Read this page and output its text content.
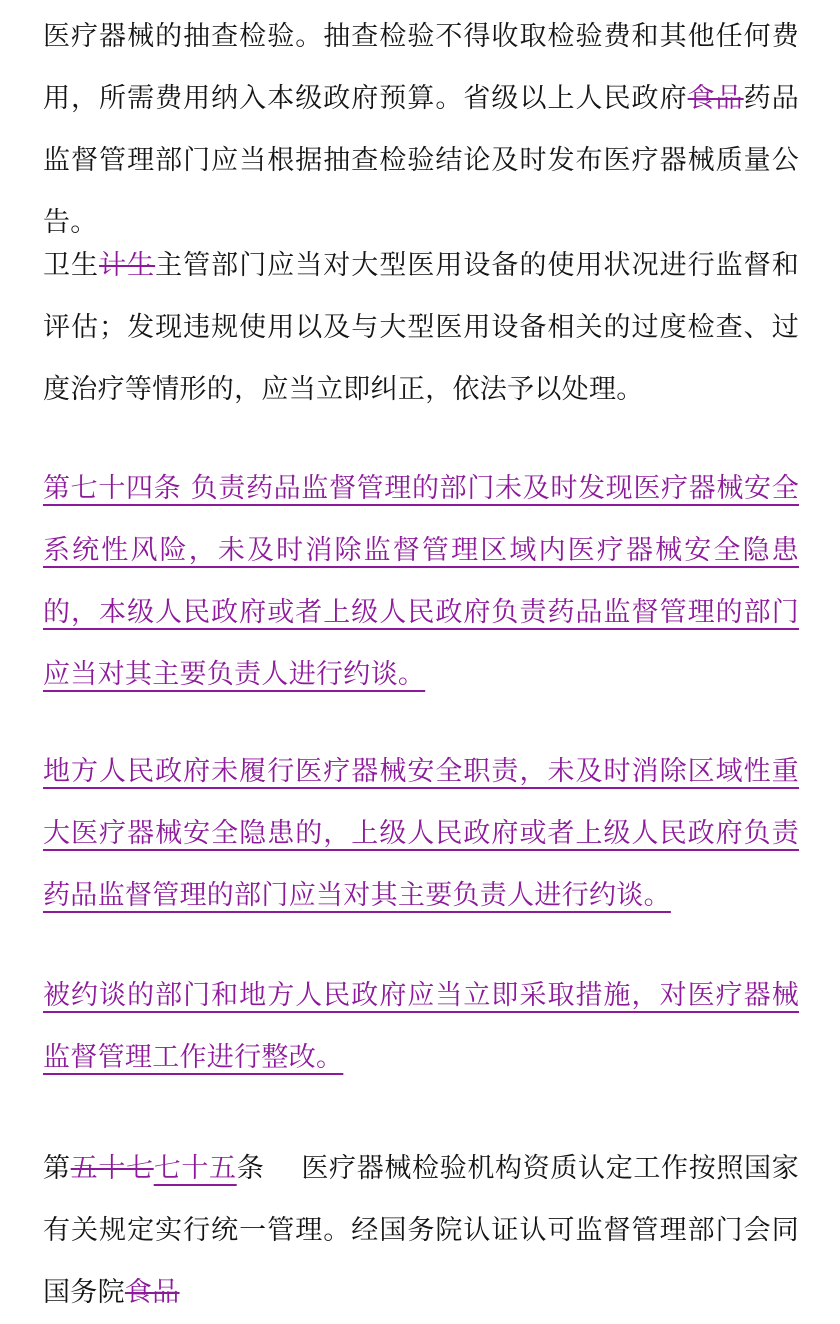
医疗器械的抽查检验。抽查检验不得收取检验费和其他任何费用，所需费用纳入本级政府预算。省级以上人民政府食品药品监督管理部门应当根据抽查检验结论及时发布医疗器械质量公告。

卫生计生主管部门应当对大型医用设备的使用状况进行监督和评估；发现违规使用以及与大型医用设备相关的过度检查、过度治疗等情形的，应当立即纠正，依法予以处理。

第七十四条 负责药品监督管理的部门未及时发现医疗器械安全系统性风险，未及时消除监督管理区域内医疗器械安全隐患的，本级人民政府或者上级人民政府负责药品监督管理的部门应当对其主要负责人进行约谈。

地方人民政府未履行医疗器械安全职责，未及时消除区域性重大医疗器械安全隐患的，上级人民政府或者上级人民政府负责药品监督管理的部门应当对其主要负责人进行约谈。

被约谈的部门和地方人民政府应当立即采取措施，对医疗器械监督管理工作进行整改。

第五十七七十五条    医疗器械检验机构资质认定工作按照国家有关规定实行统一管理。经国务院认证认可监督管理部门会同国务院食品
